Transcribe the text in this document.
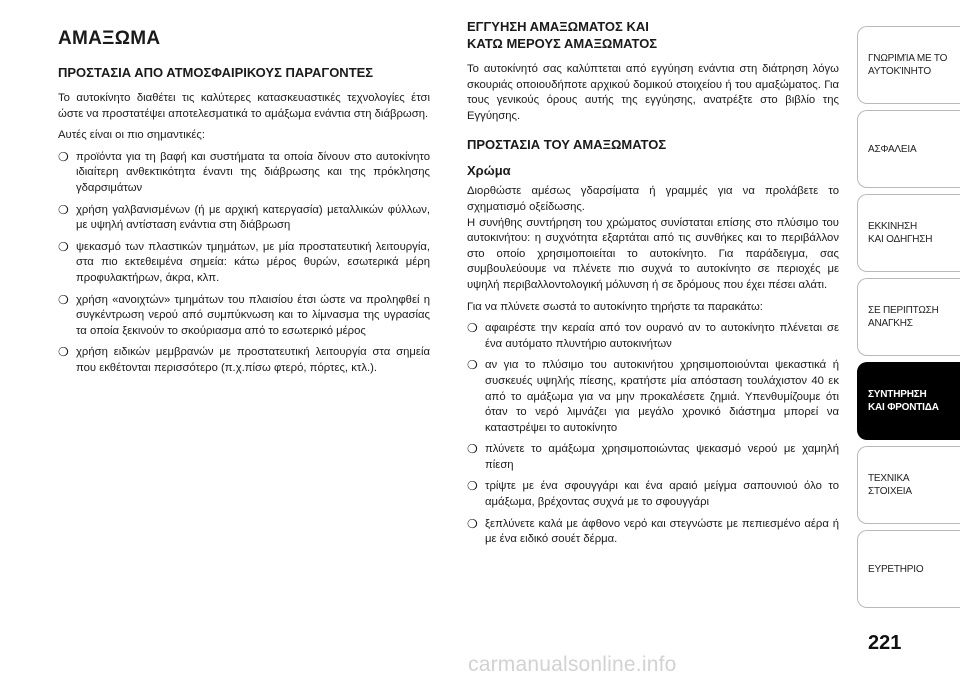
ΑΜΑΞΩΜΑ
ΠΡΟΣΤΑΣΙΑ ΑΠΟ ΑΤΜΟΣΦΑΙΡΙΚΟΥΣ ΠΑΡΑΓΟΝΤΕΣ

Το αυτοκίνητο διαθέτει τις καλύτερες κατασκευαστικές τεχνολογίες έτσι ώστε να προστατέψει αποτελεσματικά το αμάξωμα ενάντια στη διάβρωση.

Αυτές είναι οι πιο σημαντικές:

❍ προϊόντα για τη βαφή και συστήματα τα οποία δίνουν στο αυτοκίνητο ιδιαίτερη ανθεκτικότητα έναντι της διάβρωσης και της πρόκλησης γδαρσιμάτων
❍ χρήση γαλβανισμένων (ή με αρχική κατεργασία) μεταλλικών φύλλων, με υψηλή αντίσταση ενάντια στη διάβρωση
❍ ψεκασμό των πλαστικών τμημάτων, με μία προστατευτική λειτουργία, στα πιο εκτεθειμένα σημεία: κάτω μέρος θυρών, εσωτερικά μέρη προφυλακτήρων, άκρα, κλπ.
❍ χρήση «ανοιχτών» τμημάτων του πλαισίου έτσι ώστε να προληφθεί η συγκέντρωση νερού από συμπύκνωση και το λίμνασμα της υγρασίας τα οποία ξεκινούν το σκούριασμα από το εσωτερικό μέρος
❍ χρήση ειδικών μεμβρανών με προστατευτική λειτουργία στα σημεία που εκθέτονται περισσότερο (π.χ.πίσω φτερό, πόρτες, κτλ.).
ΕΓΓΥΗΣΗ ΑΜΑΞΩΜΑΤΟΣ ΚΑΙ
ΚΑΤΩ ΜΕΡΟΥΣ ΑΜΑΞΩΜΑΤΟΣ

Το αυτοκίνητό σας καλύπτεται από εγγύηση ενάντια στη διάτρηση λόγω σκουριάς οποιουδήποτε αρχικού δομικού στοιχείου ή του αμαξώματος. Για τους γενικούς όρους αυτής της εγγύησης, ανατρέξτε στο βιβλίο της Εγγύησης.

ΠΡΟΣΤΑΣΙΑ ΤΟΥ ΑΜΑΞΩΜΑΤΟΣ
Χρώμα

Διορθώστε αμέσως γδαρσίματα ή γραμμές για να προλάβετε το σχηματισμό οξείδωσης.

Η συνήθης συντήρηση του χρώματος συνίσταται επίσης στο πλύσιμο του αυτοκινήτου: η συχνότητα εξαρτάται από τις συνθήκες και το περιβάλλον στο οποίο χρησιμοποιείται το αυτοκίνητο. Για παράδειγμα, σας συμβουλεύουμε να πλένετε πιο συχνά το αυτοκίνητο σε περιοχές με υψηλή περιβαλλοντολογική μόλυνση ή σε δρόμους που έχει πέσει αλάτι.

Για να πλύνετε σωστά το αυτοκίνητο τηρήστε τα παρακάτω:

❍ αφαιρέστε την κεραία από τον ουρανό αν το αυτοκίνητο πλένεται σε ένα αυτόματο πλυντήριο αυτοκινήτων
❍ αν για το πλύσιμο του αυτοκινήτου χρησιμοποιούνται ψεκαστικά ή συσκευές υψηλής πίεσης, κρατήστε μία απόσταση τουλάχιστον 40 εκ από το αμάξωμα για να μην προκαλέσετε ζημιά. Υπενθυμίζουμε ότι όταν το νερό λιμνάζει για μεγάλο χρονικό διάστημα μπορεί να καταστρέψει το αυτοκίνητο
❍ πλύνετε το αμάξωμα χρησιμοποιώντας ψεκασμό νερού με χαμηλή πίεση
❍ τρίψτε με ένα σφουγγάρι και ένα αραιό μείγμα σαπουνιού όλο το αμάξωμα, βρέχοντας συχνά με το σφουγγάρι
❍ ξεπλύνετε καλά με άφθονο νερό και στεγνώστε με πεπιεσμένο αέρα ή με ένα ειδικό σουέτ δέρμα.
ΓΝΩΡΙΜΊΑ ΜΕ ΤΟ
ΑΥΤΟΚΊΝΗΤΟ
ΑΣΦΑΛΕΙΑ
ΕΚΚΙΝΗΣΗ
ΚΑΙ ΟΔΗΓΗΣΗ
ΣΕ ΠΕΡΙΠΤΩΣΗ
ΑΝΑΓΚΗΣ
ΣΥΝΤΗΡΗΣΗ
ΚΑΙ ΦΡΟΝΤΙΔΑ
ΤΕΧΝΙΚΑ
ΣΤΟΙΧΕΙΑ
ΕΥΡΕΤΗΡΙΟ
221
carmanualsonline.info
